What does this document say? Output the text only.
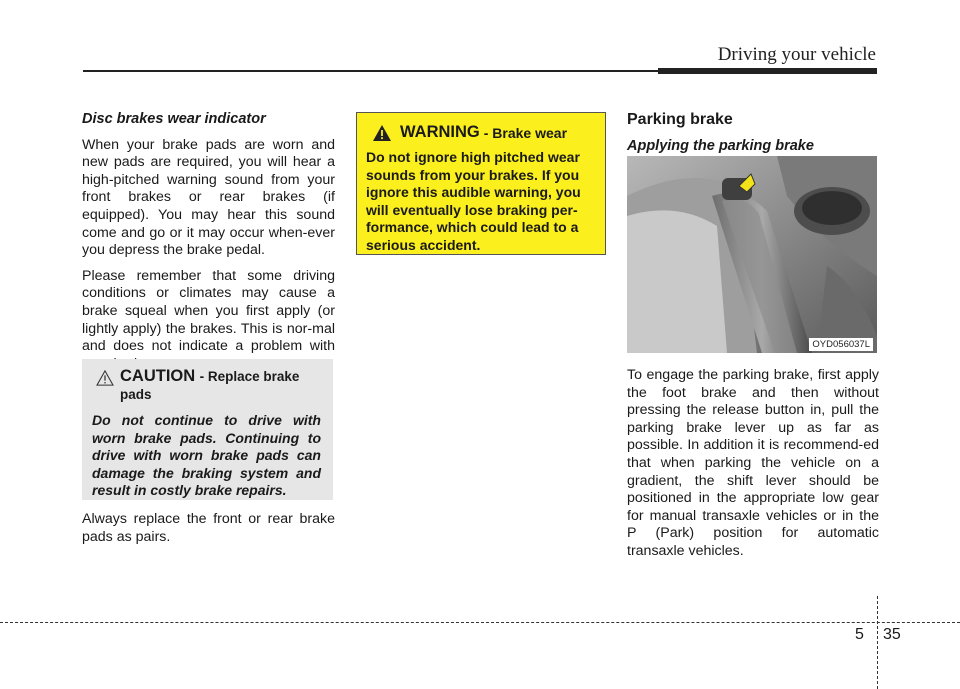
Driving your vehicle
Disc brakes wear indicator

When your brake pads are worn and new pads are required, you will hear a high-pitched warning sound from your front brakes or rear brakes (if equipped). You may hear this sound come and go or it may occur when-ever you depress the brake pedal.

Please remember that some driving conditions or climates may cause a brake squeal when you first apply (or lightly apply) the brakes. This is nor-mal and does not indicate a problem with

CAUTION - Replace brake pads
Do not continue to drive with worn brake pads. Continuing to drive with worn brake pads can damage the braking system and result in costly brake repairs.

Always replace the front or rear brake pads as pairs.

WARNING - Brake wear
Do not ignore high pitched wear sounds from your brakes. If you ignore this audible warning, you will eventually lose braking per-formance, which could lead to a serious accident.
Parking brake
Applying the parking brake
OYD056037L

To engage the parking brake, first apply the foot brake and then without pressing the release button in, pull the parking brake lever up as far as possible. In addition it is recommend-ed that when parking the vehicle on a gradient, the shift lever should be positioned in the appropriate low gear for manual transaxle vehicles or in the P (Park) position for automatic transaxle vehicles.

5 35
